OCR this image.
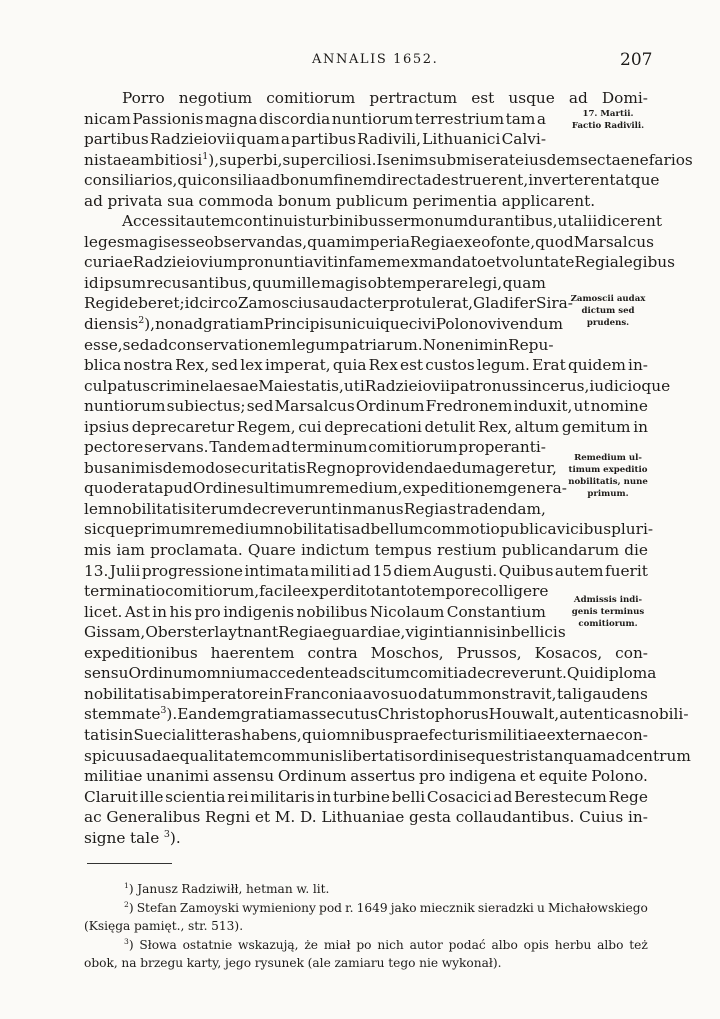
ANNALIS 1652.	207
Porro negotium comitiorum pertractum est usque ad Domi-
nicam Passionis magna discordia nuntiorum terrestrium tam a
partibus Radzieiovii quam a partibus Radivili, Lithuanici Calvi-
nistae ambitiosi $^1$), superbi, superciliosi. Is enim submiserat eiusdem sectae nefarios
consiliarios, qui consilia ad bonum finem directa destruerent, inverterent atque
ad privata sua commoda bonum publicum perimentia applicarent.
Accessit autem continuis turbinibus sermonum durantibus, ut alii dicerent
leges magis esse observandas, quam imperia Regia ex eo fonte, quod Marsalcus
curiae Radzieiovium pronuntiavit infamem ex mandato et voluntate Regia legibus
id ipsum recusantibus, quum ille magis obtemperare legi, quam
Regi deberet; idcirco Zamoscius audacter protulerat, Gladifer Sira-
diensis $^2$), non ad gratiam Principis unicuique civi Polono vivendum
esse, sed ad conservationem legum patriarum. Non enim in Repu-
blica nostra Rex, sed lex imperat, quia Rex est custos legum. Erat quidem in-
culpatus crimine laesae Maiestatis, uti Radzieiovii patronus sincerus, iudicioque
nuntiorum subiectus; sed Marsalcus Ordinum Fredronem induxit, ut nomine
ipsius deprecaretur Regem, cui deprecationi detulit Rex, altum gemitum in
pectore servans. Tandem ad terminum comitiorum properanti-
bus animis de modo securitatis Regno providendae dum ageretur,
quod erat apud Ordines ultimum remedium, expeditionem genera-
lem nobilitatis iterum decreverunt in manus Regias tradendam,
sicque primum remedium nobilitatis ad bellum commotio publica vicibus pluri-
mis iam proclamata. Quare indictum tempus restium publicandarum die
13. Julii progressione intimata militi ad 15 diem Augusti. Quibus autem fuerit
terminatio comitiorum, facile ex perdito tanto tempore colligere
licet. Ast in his pro indigenis nobilibus Nicolaum Constantium
Gissam, Obersterlaytnant Regiae guardiae, viginti annis in bellicis
expeditionibus haerentem contra Moschos, Prussos, Kosacos, con-
sensu Ordinum omnium accedente adscitum comitia decreverunt. Qui diploma
nobilitatis ab imperatore in Franconia avo suo datum monstravit, tali gaudens
stemmate $^3$). Eandem gratiam assecutus Christophorus Houwalt, autenticas nobili-
tatis in Suecia litteras habens, qui omnibus praefecturis militiae externae con-
spicuus ad aequalitatem communis libertatis ordinis equestris tanquam ad centrum
militiae unanimi assensu Ordinum assertus pro indigena et equite Polono.
Claruit ille scientia rei militaris in turbine belli Cosacici ad Berestecum Rege
ac Generalibus Regni et M. D. Lithuaniae gesta collaudantibus. Cuius in-
signe tale $^3$).
17. Martii.
Factio Radivili.
Zamoscii audax
dictum sed
prudens.
Remedium ul-
timum expeditio
nobilitatis, nune
primum.
Admissis indi-
genis terminus
comitiorum.
$^1$) Janusz Radziwiłł, hetman w. lit.
$^2$) Stefan Zamoyski wymieniony pod r. 1649 jako miecznik sieradzki u Michałowskiego
(Księga pamięt., str. 513).
$^3$) Słowa ostatnie wskazują, że miał po nich autor podać albo opis herbu albo też
obok, na brzegu karty, jego rysunek (ale zamiaru tego nie wykonał).
